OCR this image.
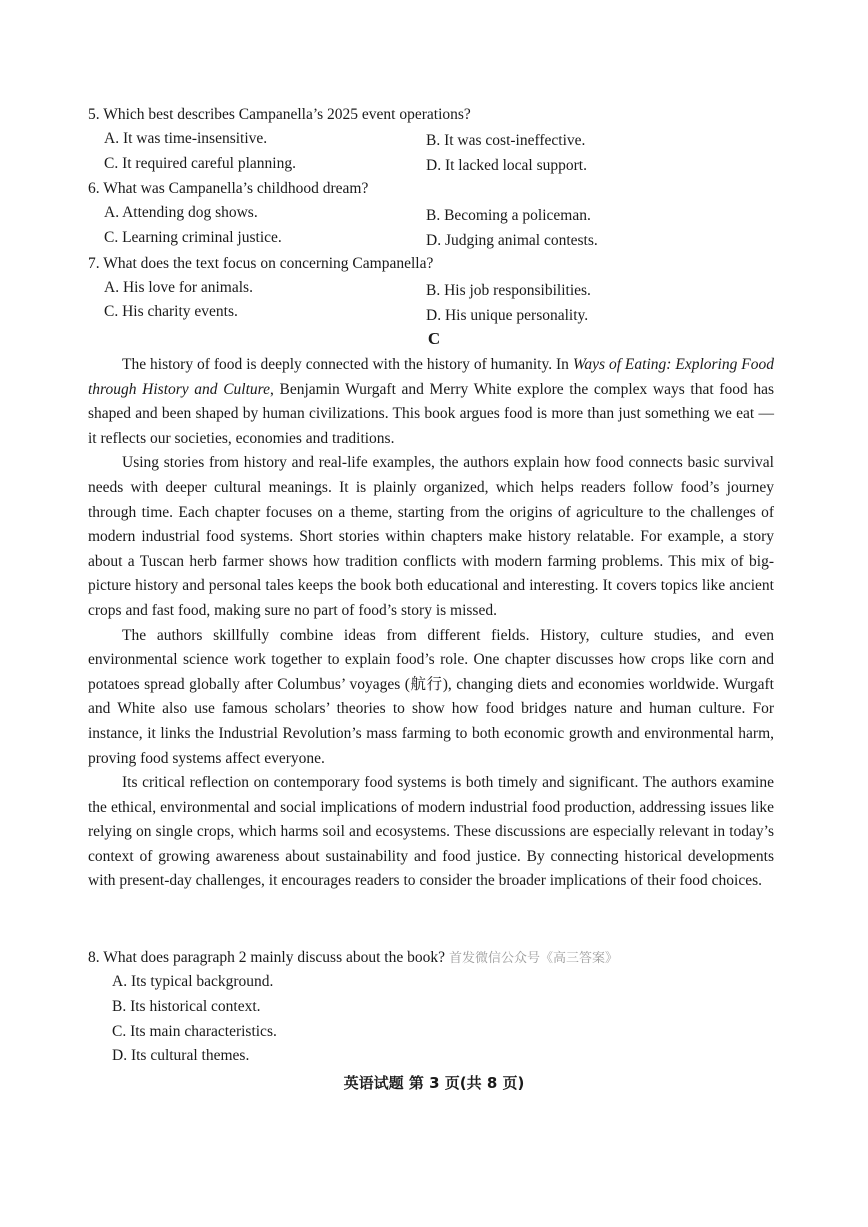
5. Which best describes Campanella’s 2025 event operations?
A. It was time-insensitive.	B. It was cost-ineffective.
C. It required careful planning.	D. It lacked local support.
6. What was Campanella’s childhood dream?
A. Attending dog shows.	B. Becoming a policeman.
C. Learning criminal justice.	D. Judging animal contests.
7. What does the text focus on concerning Campanella?
A. His love for animals.	B. His job responsibilities.
C. His charity events.	D. His unique personality.
C

The history of food is deeply connected with the history of humanity. In Ways of Eating: Exploring Food through History and Culture, Benjamin Wurgaft and Merry White explore the complex ways that food has shaped and been shaped by human civilizations. This book argues food is more than just something we eat — it reflects our societies, economies and traditions.

Using stories from history and real-life examples, the authors explain how food connects basic survival needs with deeper cultural meanings. It is plainly organized, which helps readers follow food’s journey through time. Each chapter focuses on a theme, starting from the origins of agriculture to the challenges of modern industrial food systems. Short stories within chapters make history relatable. For example, a story about a Tuscan herb farmer shows how tradition conflicts with modern farming problems. This mix of big-picture history and personal tales keeps the book both educational and interesting. It covers topics like ancient crops and fast food, making sure no part of food’s story is missed.

The authors skillfully combine ideas from different fields. History, culture studies, and even environmental science work together to explain food’s role. One chapter discusses how crops like corn and potatoes spread globally after Columbus’ voyages (航行), changing diets and economies worldwide. Wurgaft and White also use famous scholars’ theories to show how food bridges nature and human culture. For instance, it links the Industrial Revolution’s mass farming to both economic growth and environmental harm, proving food systems affect everyone.

Its critical reflection on contemporary food systems is both timely and significant. The authors examine the ethical, environmental and social implications of modern industrial food production, addressing issues like relying on single crops, which harms soil and ecosystems. These discussions are especially relevant in today’s context of growing awareness about sustainability and food justice. By connecting historical developments with present-day challenges, it encourages readers to consider the broader implications of their food choices.

8. What does paragraph 2 mainly discuss about the book? 首发微信公众号《高三答案》
A. Its typical background.
B. Its historical context.
C. Its main characteristics.
D. Its cultural themes.
英语试题 第 3 页(共 8 页)
